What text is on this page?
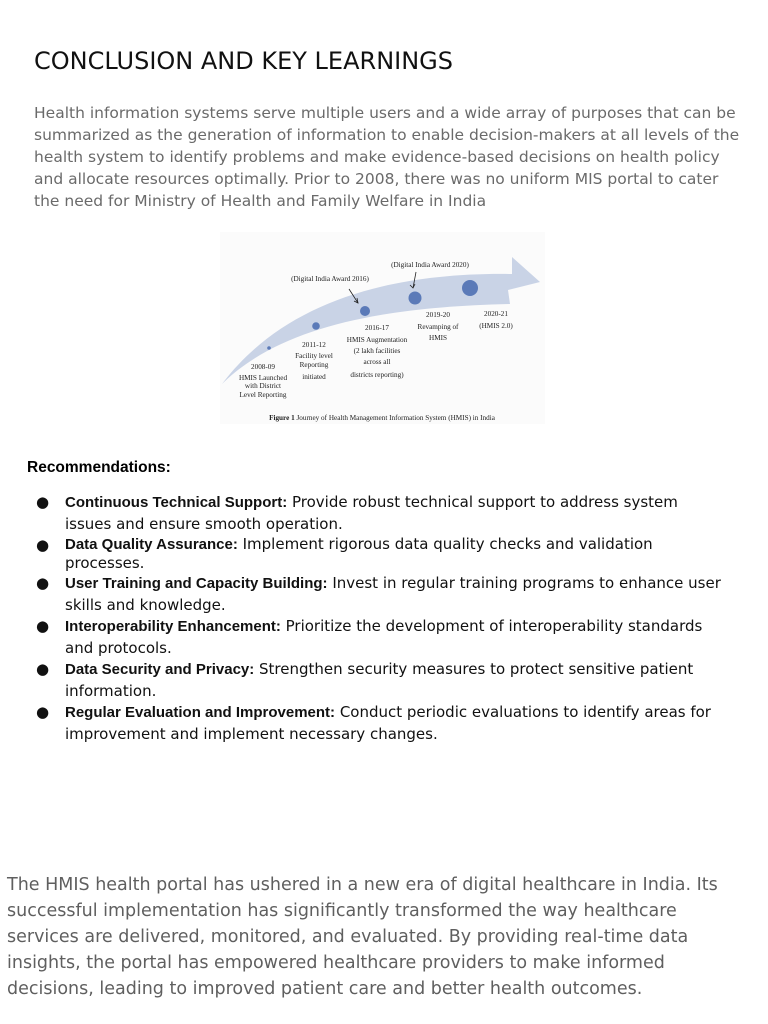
CONCLUSION AND KEY LEARNINGS

Health information systems serve multiple users and a wide array of purposes that can be summarized as the generation of information to enable decision-makers at all levels of the health system to identify problems and make evidence-based decisions on health policy and allocate resources optimally. Prior to 2008, there was no uniform MIS portal to cater the need for Ministry of Health and Family Welfare in India

(Digital India Award 2016)
(Digital India Award 2020)
2008-09
HMIS Launched
with District
Level Reporting
2011-12
Facility level
Reporting
initiated
2016-17
HMIS Augmentation
(2 lakh facilities
across all
districts reporting)
2019-20
Revamping of
HMIS
2020-21
(HMIS 2.0)
Figure 1 Journey of Health Management Information System (HMIS) in India

Recommendations:

● Continuous Technical Support: Provide robust technical support to address system issues and ensure smooth operation.
● Data Quality Assurance: Implement rigorous data quality checks and validation processes.
● User Training and Capacity Building: Invest in regular training programs to enhance user skills and knowledge.
● Interoperability Enhancement: Prioritize the development of interoperability standards and protocols.
● Data Security and Privacy: Strengthen security measures to protect sensitive patient information.
● Regular Evaluation and Improvement: Conduct periodic evaluations to identify areas for improvement and implement necessary changes.

The HMIS health portal has ushered in a new era of digital healthcare in India. Its successful implementation has significantly transformed the way healthcare services are delivered, monitored, and evaluated. By providing real-time data insights, the portal has empowered healthcare providers to make informed decisions, leading to improved patient care and better health outcomes.
